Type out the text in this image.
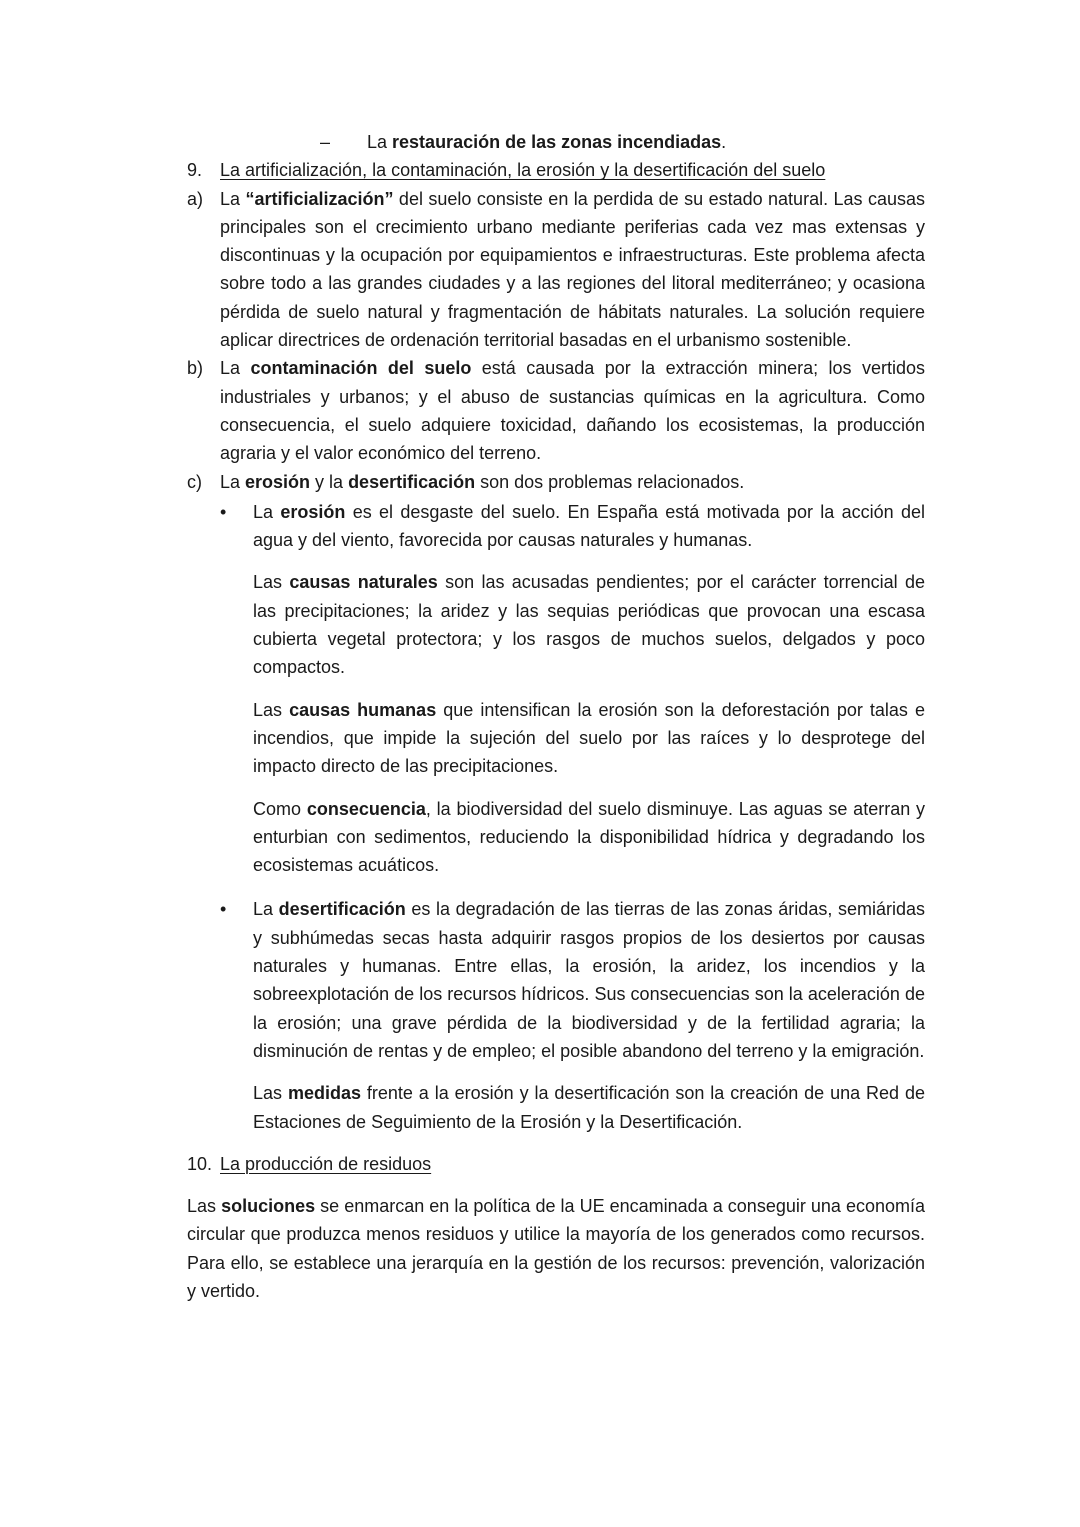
–	La restauración de las zonas incendiadas.
9. La artificialización, la contaminación, la erosión y la desertificación del suelo
a) La “artificialización” del suelo consiste en la perdida de su estado natural. Las causas principales son el crecimiento urbano mediante periferias cada vez mas extensas y discontinuas y la ocupación por equipamientos e infraestructuras. Este problema afecta sobre todo a las grandes ciudades y a las regiones del litoral mediterráneo; y ocasiona pérdida de suelo natural y fragmentación de hábitats naturales. La solución requiere aplicar directrices de ordenación territorial basadas en el urbanismo sostenible.
b) La contaminación del suelo está causada por la extracción minera; los vertidos industriales y urbanos; y el abuso de sustancias químicas en la agricultura. Como consecuencia, el suelo adquiere toxicidad, dañando los ecosistemas, la producción agraria y el valor económico del terreno.
c) La erosión y la desertificación son dos problemas relacionados.
• La erosión es el desgaste del suelo. En España está motivada por la acción del agua y del viento, favorecida por causas naturales y humanas.
Las causas naturales son las acusadas pendientes; por el carácter torrencial de las precipitaciones; la aridez y las sequias periódicas que provocan una escasa cubierta vegetal protectora; y los rasgos de muchos suelos, delgados y poco compactos.
Las causas humanas que intensifican la erosión son la deforestación por talas e incendios, que impide la sujeción del suelo por las raíces y lo desprotege del impacto directo de las precipitaciones.
Como consecuencia, la biodiversidad del suelo disminuye. Las aguas se aterran y enturbian con sedimentos, reduciendo la disponibilidad hídrica y degradando los ecosistemas acuáticos.
• La desertificación es la degradación de las tierras de las zonas áridas, semiáridas y subhúmedas secas hasta adquirir rasgos propios de los desiertos por causas naturales y humanas. Entre ellas, la erosión, la aridez, los incendios y la sobreexplotación de los recursos hídricos. Sus consecuencias son la aceleración de la erosión; una grave pérdida de la biodiversidad y de la fertilidad agraria; la disminución de rentas y de empleo; el posible abandono del terreno y la emigración.
Las medidas frente a la erosión y la desertificación son la creación de una Red de Estaciones de Seguimiento de la Erosión y la Desertificación.
10. La producción de residuos
Las soluciones se enmarcan en la política de la UE encaminada a conseguir una economía circular que produzca menos residuos y utilice la mayoría de los generados como recursos. Para ello, se establece una jerarquía en la gestión de los recursos: prevención, valorización y vertido.
